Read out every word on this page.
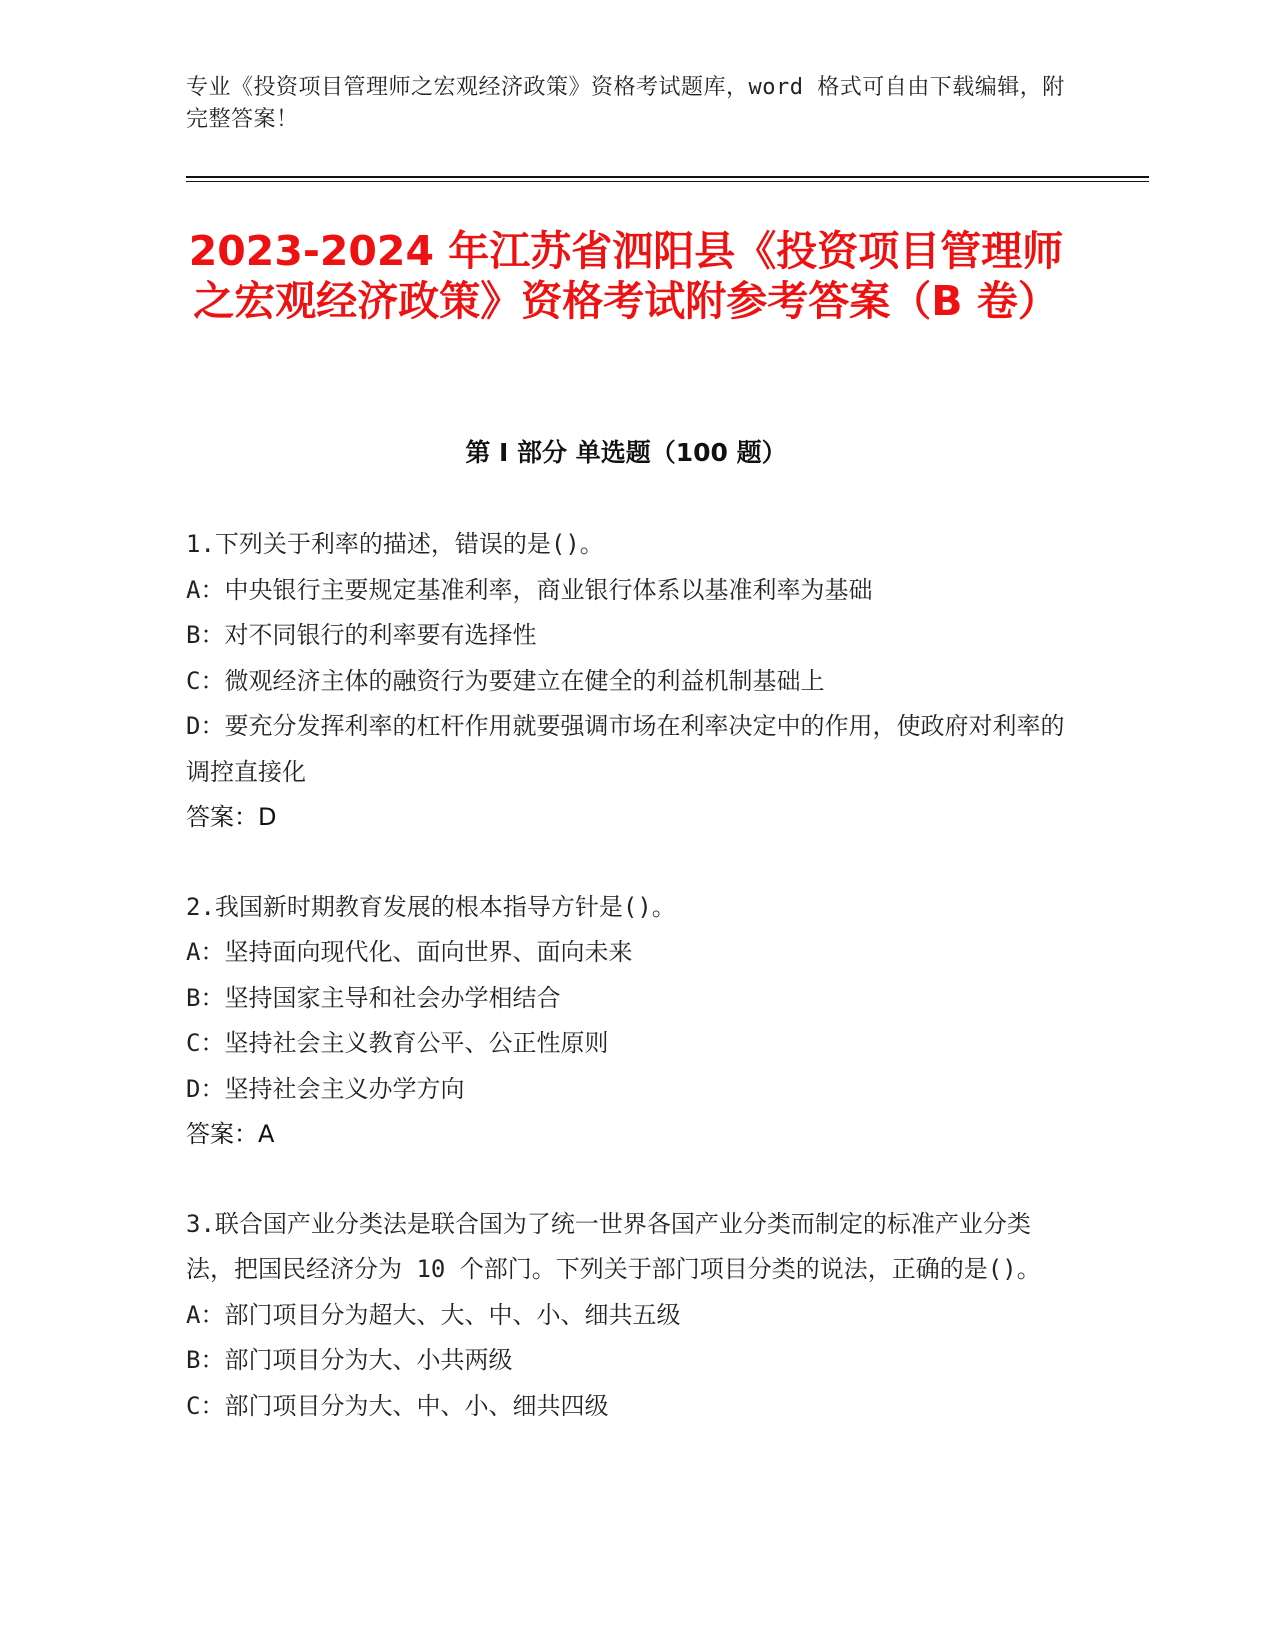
专业《投资项目管理师之宏观经济政策》资格考试题库，word 格式可自由下载编辑，附完整答案！
2023-2024 年江苏省泗阳县《投资项目管理师之宏观经济政策》资格考试附参考答案（B 卷）
第 I 部分 单选题（100 题）

1.下列关于利率的描述，错误的是()。

A：中央银行主要规定基准利率，商业银行体系以基准利率为基础

B：对不同银行的利率要有选择性

C：微观经济主体的融资行为要建立在健全的利益机制基础上

D：要充分发挥利率的杠杆作用就要强调市场在利率决定中的作用，使政府对利率的调控直接化

答案：D

2.我国新时期教育发展的根本指导方针是()。

A：坚持面向现代化、面向世界、面向未来

B：坚持国家主导和社会办学相结合

C：坚持社会主义教育公平、公正性原则

D：坚持社会主义办学方向

答案：A

3.联合国产业分类法是联合国为了统一世界各国产业分类而制定的标准产业分类法，把国民经济分为 10 个部门。下列关于部门项目分类的说法，正确的是()。

A：部门项目分为超大、大、中、小、细共五级

B：部门项目分为大、小共两级

C：部门项目分为大、中、小、细共四级
